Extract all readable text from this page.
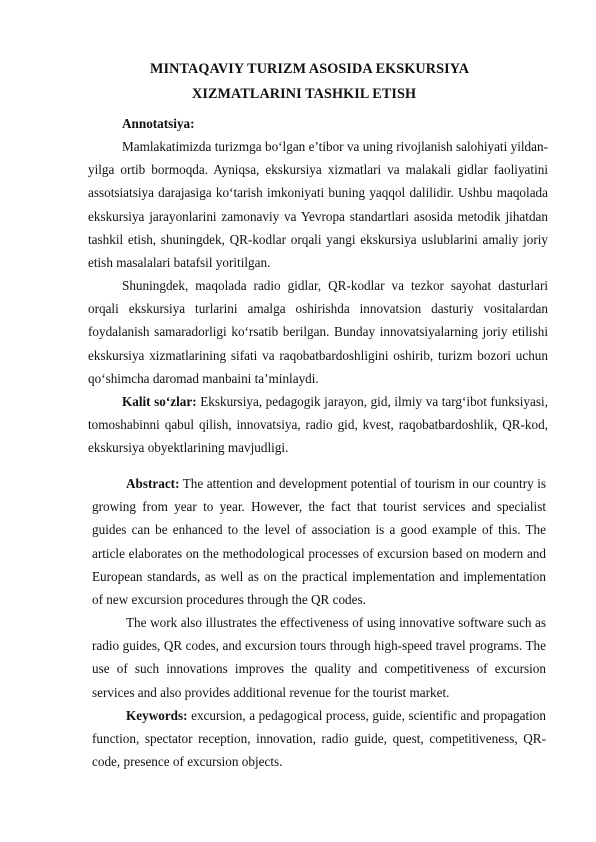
MINTAQAVIY TURIZM ASOSIDA EKSKURSIYA
XIZMATLARINI TASHKIL ETISH

Annotatsiya:

Mamlakatimizda turizmga bo‘lgan e’tibor va uning rivojlanish salohiyati yildan-yilga ortib bormoqda. Ayniqsa, ekskursiya xizmatlari va malakali gidlar faoliyatini assotsiatsiya darajasiga ko‘tarish imkoniyati buning yaqqol dalilidir. Ushbu maqolada ekskursiya jarayonlarini zamonaviy va Yevropa standartlari asosida metodik jihatdan tashkil etish, shuningdek, QR-kodlar orqali yangi ekskursiya uslublarini amaliy joriy etish masalalari batafsil yoritilgan.

Shuningdek, maqolada radio gidlar, QR-kodlar va tezkor sayohat dasturlari orqali ekskursiya turlarini amalga oshirishda innovatsion dasturiy vositalardan foydalanish samaradorligi ko‘rsatib berilgan. Bunday innovatsiyalarning joriy etilishi ekskursiya xizmatlarining sifati va raqobatbardoshligini oshirib, turizm bozori uchun qo‘shimcha daromad manbaini ta’minlaydi.

Kalit so‘zlar: Ekskursiya, pedagogik jarayon, gid, ilmiy va targ‘ibot funksiyasi, tomoshabinni qabul qilish, innovatsiya, radio gid, kvest, raqobatbardoshlik, QR-kod, ekskursiya obyektlarining mavjudligi.

Abstract: The attention and development potential of tourism in our country is growing from year to year. However, the fact that tourist services and specialist guides can be enhanced to the level of association is a good example of this. The article elaborates on the methodological processes of excursion based on modern and European standards, as well as on the practical implementation and implementation of new excursion procedures through the QR codes.

The work also illustrates the effectiveness of using innovative software such as radio guides, QR codes, and excursion tours through high-speed travel programs. The use of such innovations improves the quality and competitiveness of excursion services and also provides additional revenue for the tourist market.

Keywords: excursion, a pedagogical process, guide, scientific and propagation function, spectator reception, innovation, radio guide, quest, competitiveness, QR-code, presence of excursion objects.
